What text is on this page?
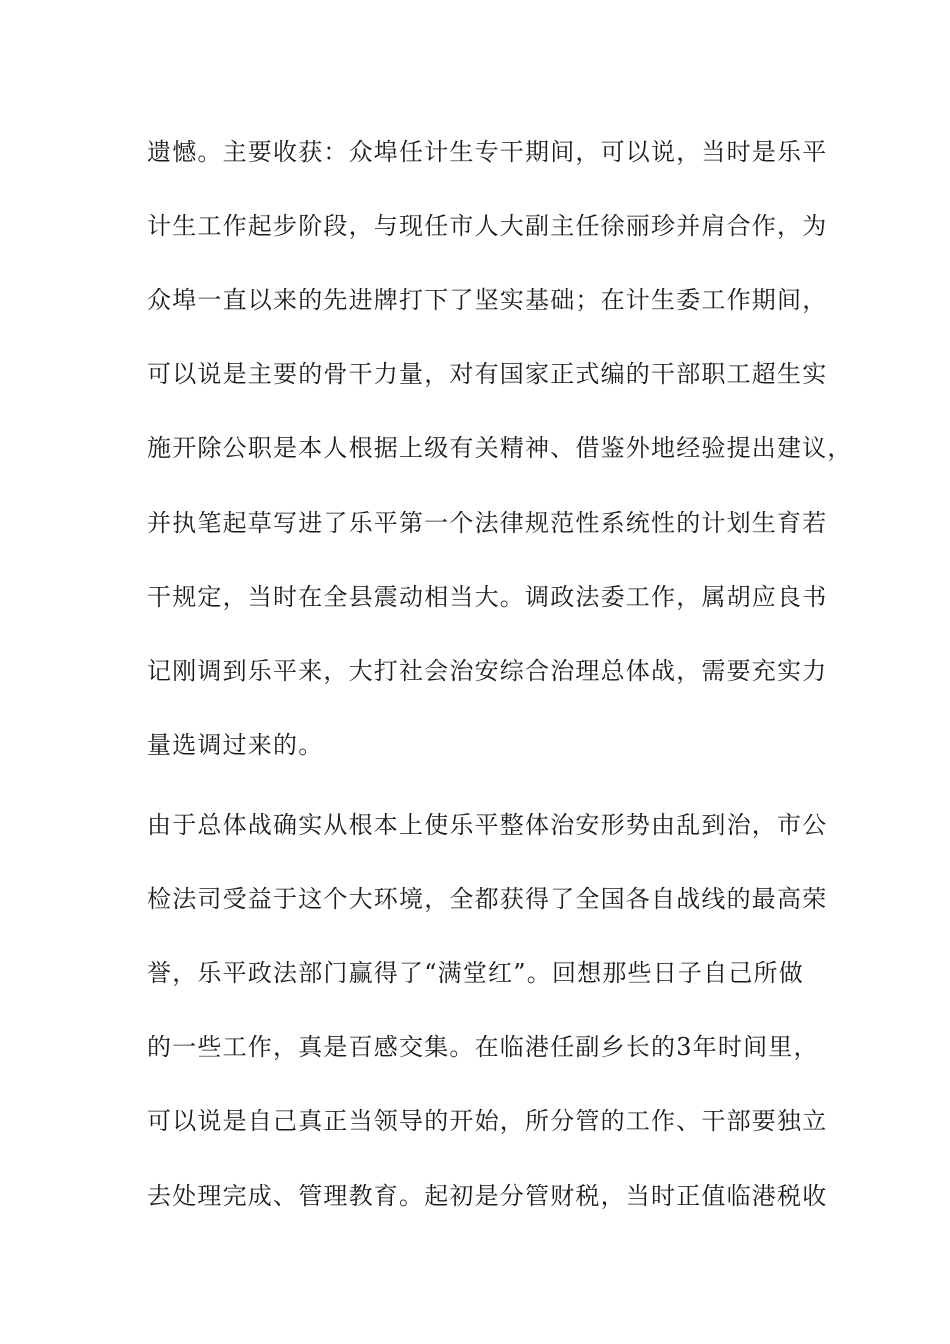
遗憾。主要收获：众埠任计生专干期间，可以说，当时是乐平
计生工作起步阶段，与现任市人大副主任徐丽珍并肩合作，为
众埠一直以来的先进牌打下了坚实基础；在计生委工作期间，
可以说是主要的骨干力量，对有国家正式编的干部职工超生实
施开除公职是本人根据上级有关精神、借鉴外地经验提出建议，
并执笔起草写进了乐平第一个法律规范性系统性的计划生育若
干规定，当时在全县震动相当大。调政法委工作，属胡应良书
记刚调到乐平来，大打社会治安综合治理总体战，需要充实力
量选调过来的。
由于总体战确实从根本上使乐平整体治安形势由乱到治，市公
检法司受益于这个大环境，全都获得了全国各自战线的最高荣
誉，乐平政法部门赢得了“满堂红”。回想那些日子自己所做
的一些工作，真是百感交集。在临港任副乡长的3年时间里，
可以说是自己真正当领导的开始，所分管的工作、干部要独立
去处理完成、管理教育。起初是分管财税，当时正值临港税收
